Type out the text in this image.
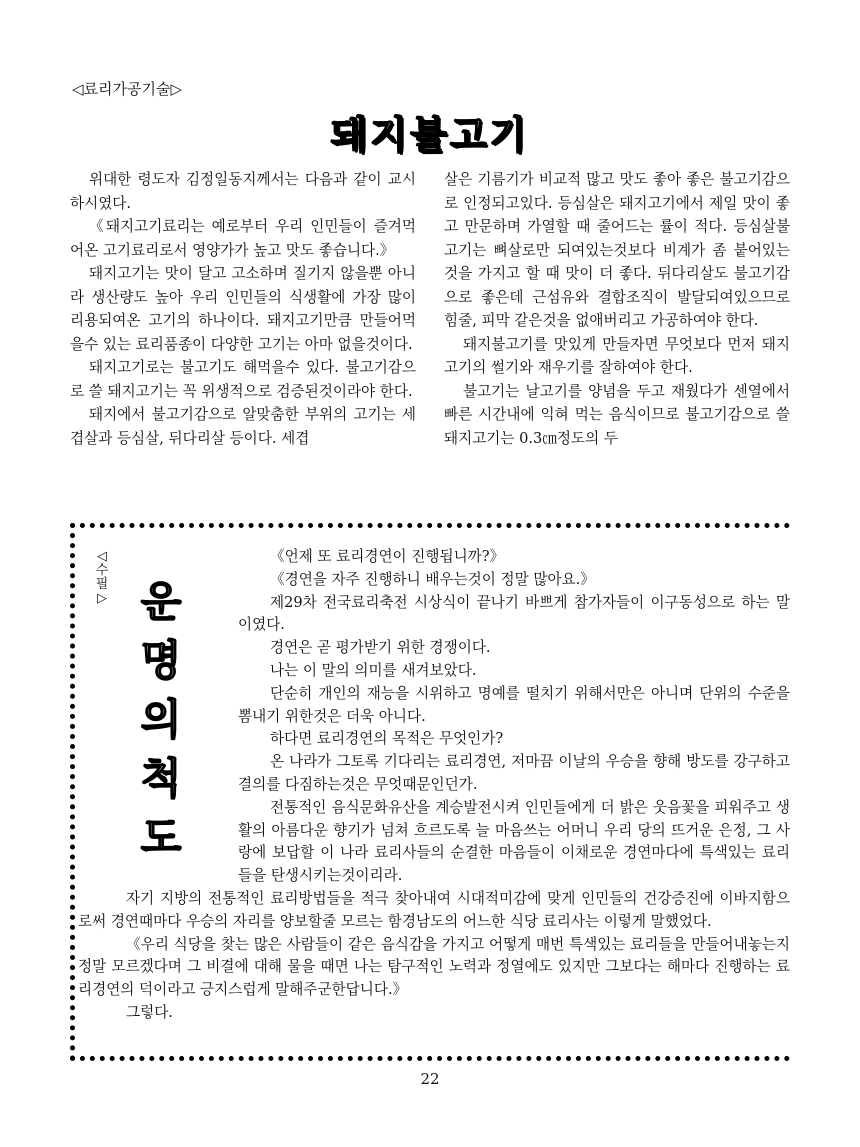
◁료리가공기술▷
돼지불고기

위대한 령도자 김정일동지께서는 다음과 같이 교시하시였다.

《돼지고기료리는 예로부터 우리 인민들이 즐겨먹어온 고기료리로서 영양가가 높고 맛도 좋습니다.》

돼지고기는 맛이 달고 고소하며 질기지 않을뿐 아니라 생산량도 높아 우리 인민들의 식생활에 가장 많이 리용되여온 고기의 하나이다. 돼지고기만큼 만들어먹을수 있는 료리품종이 다양한 고기는 아마 없을것이다.

돼지고기로는 불고기도 해먹을수 있다. 불고기감으로 쓸 돼지고기는 꼭 위생적으로 검증된것이라야 한다.

돼지에서 불고기감으로 알맞춤한 부위의 고기는 세겹살과 등심살, 뒤다리살 등이다. 세겹

살은 기름기가 비교적 많고 맛도 좋아 좋은 불고기감으로 인정되고있다. 등심살은 돼지고기에서 제일 맛이 좋고 만문하며 가열할 때 줄어드는 률이 적다. 등심살불고기는 뼈살로만 되여있는것보다 비계가 좀 붙어있는것을 가지고 할 때 맛이 더 좋다. 뒤다리살도 불고기감으로 좋은데 근섬유와 결합조직이 발달되여있으므로 힘줄, 피막 같은것을 없애버리고 가공하여야 한다.

돼지불고기를 맛있게 만들자면 무엇보다 먼저 돼지고기의 썰기와 재우기를 잘하여야 한다.

불고기는 날고기를 양념을 두고 재웠다가 센열에서 빠른 시간내에 익혀 먹는 음식이므로 불고기감으로 쓸 돼지고기는 0.3㎝정도의 두

◁
수
필
▷ 운
명
의
척
도

《언제 또 료리경연이 진행됩니까?》

《경연을 자주 진행하니 배우는것이 정말 많아요.》

제29차 전국료리축전 시상식이 끝나기 바쁘게 참가자들이 이구동성으로 하는 말이였다.

경연은 곧 평가받기 위한 경쟁이다.

나는 이 말의 의미를 새겨보았다.

단순히 개인의 재능을 시위하고 명예를 떨치기 위해서만은 아니며 단위의 수준을 뽐내기 위한것은 더욱 아니다.

하다면 료리경연의 목적은 무엇인가?

온 나라가 그토록 기다리는 료리경연, 저마끔 이날의 우승을 향해 방도를 강구하고 결의를 다짐하는것은 무엇때문인던가.

전통적인 음식문화유산을 계승발전시켜 인민들에게 더 밝은 웃음꽃을 피워주고 생활의 아름다운 향기가 넘쳐 흐르도록 늘 마음쓰는 어머니 우리 당의 뜨거운 은정, 그 사랑에 보답할 이 나라 료리사들의 순결한 마음들이 이채로운 경연마다에 특색있는 료리들을 탄생시키는것이리라.

자기 지방의 전통적인 료리방법들을 적극 찾아내여 시대적미감에 맞게 인민들의 건강증진에 이바지함으로써 경연때마다 우승의 자리를 양보할줄 모르는 함경남도의 어느한 식당 료리사는 이렇게 말했었다.

《우리 식당을 찾는 많은 사람들이 같은 음식감을 가지고 어떻게 매번 특색있는 료리들을 만들어내놓는지 정말 모르겠다며 그 비결에 대해 물을 때면 나는 탐구적인 노력과 정열에도 있지만 그보다는 해마다 진행하는 료리경연의 덕이라고 긍지스럽게 말해주군한답니다.》

그렇다.

22
